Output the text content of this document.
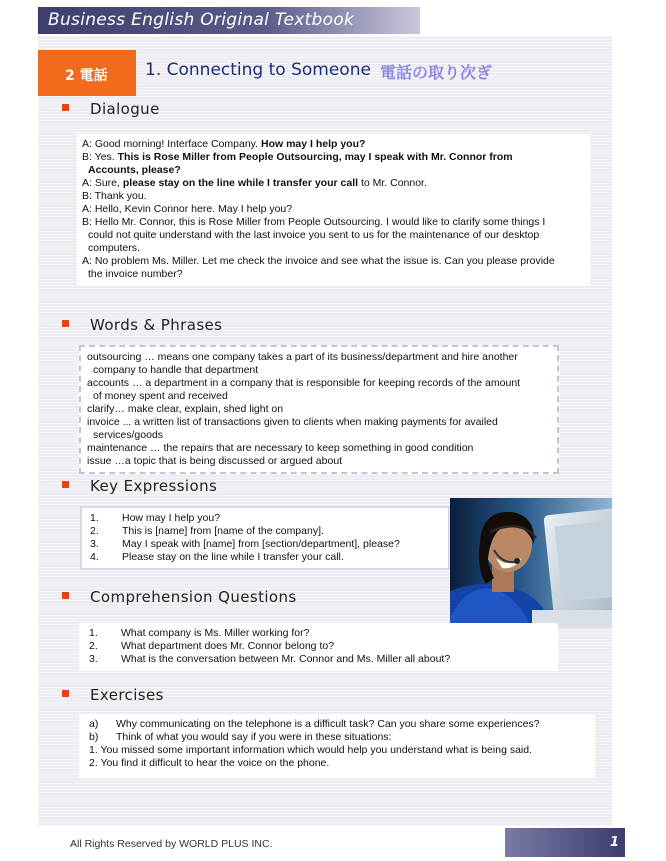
Business English Original Textbook
2 電話 1. Connecting to Someone 電話の取り次ぎ
Dialogue
A: Good morning! Interface Company. How may I help you?
B: Yes. This is Rose Miller from People Outsourcing, may I speak with Mr. Connor from
Accounts, please?
A: Sure, please stay on the line while I transfer your call to Mr. Connor.
B: Thank you.
A: Hello, Kevin Connor here. May I help you?
B: Hello Mr. Connor, this is Rose Miller from People Outsourcing. I would like to clarify some things I
could not quite understand with the last invoice you sent to us for the maintenance of our desktop
computers.
A: No problem Ms. Miller. Let me check the invoice and see what the issue is. Can you please provide
the invoice number?
Words & Phrases
outsourcing … means one company takes a part of its business/department and hire another
company to handle that department
accounts … a department in a company that is responsible for keeping records of the amount
of money spent and received
clarify… make clear, explain, shed light on
invoice ... a written list of transactions given to clients when making payments for availed
services/goods
maintenance … the repairs that are necessary to keep something in good condition
issue …a topic that is being discussed or argued about
Key Expressions
1. How may I help you?
2. This is [name] from [name of the company].
3. May I speak with [name] from [section/department], please?
4. Please stay on the line while I transfer your call.
Comprehension Questions
1. What company is Ms. Miller working for?
2. What department does Mr. Connor belong to?
3. What is the conversation between Mr. Connor and Ms. Miller all about?
Exercises
a) Why communicating on the telephone is a difficult task? Can you share some experiences?
b) Think of what you would say if you were in these situations:
1. You missed some important information which would help you understand what is being said.
2. You find it difficult to hear the voice on the phone.
All Rights Reserved by WORLD PLUS INC.	1
